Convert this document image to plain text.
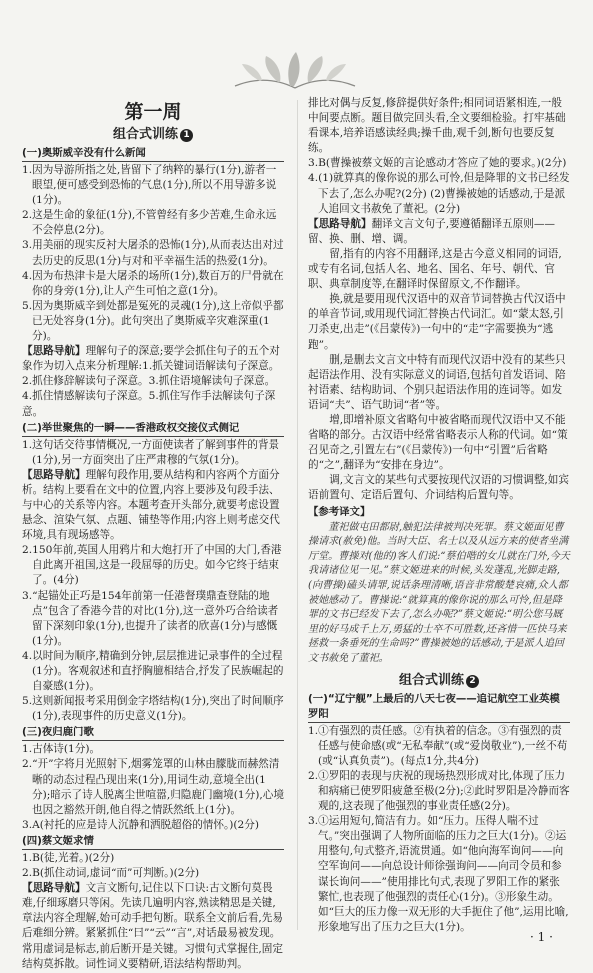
第一周
组合式训练 1
(一)奥斯威辛没有什么新闻

1.因为导游所指之处,皆留下了纳粹的暴行(1分),游者一眼望,便可感受到恐怖的气息(1分),所以不用导游多说(1分)。

2.这是生命的象征(1分),不管曾经有多少苦难,生命永远不会停息(2分)。

3.用美丽的现实反衬大屠杀的恐怖(1分),从而表达出对过去历史的反思(1分)与对和平幸福生活的热爱(1分)。

4.因为布热津卡是大屠杀的场所(1分),数百万的尸骨就在你的身旁(1分),让人产生可怕之意(1分)。

5.因为奥斯威辛到处都是冤死的灵魂(1分),这上帝似乎都已无处容身(1分)。此句突出了奥斯威辛灾难深重(1分)。

【思路导航】理解句子的深意;要学会抓住句子的五个对象作为切入点来分析理解:1.抓关键词语解读句子深意。2.抓住修辞解读句子深意。3.抓住语境解读句子深意。4.抓住情感解读句子深意。5.抓住写作手法解读句子深意。

(二)举世聚焦的一瞬——香港政权交接仪式侧记

1.这句话交待事情概况,一方面使读者了解到事件的背景(1分),另一方面突出了庄严肃穆的气氛(1分)。

【思路导航】理解句段作用,要从结构和内容两个方面分析。结构上要看在文中的位置,内容上要涉及句段手法、与中心的关系等内容。本题考查开头部分,就要考虑设置悬念、渲染气氛、点题、铺垫等作用;内容上则考虑交代环境,具有现场感等。

2.150年前,英国人用鸦片和大炮打开了中国的大门,香港自此离开祖国,这是一段屈辱的历史。如今它终于结束了。(4分)

3.“起锚处正巧是154年前第一任港督璞鼎查登陆的地点”包含了香港今昔的对比(1分),这一意外巧合给读者留下深刻印象(1分),也提升了读者的欣喜(1分)与感慨(1分)。

4.以时间为顺序,精确到分钟,层层推进记录事件的全过程(1分)。客观叙述和直抒胸臆相结合,抒发了民族崛起的自豪感(1分)。

5.这则新闻报考采用倒金字塔结构(1分),突出了时间顺序(1分),表现事件的历史意义(1分)。

(三)夜归鹿门歌

1.古体诗(1分)。

2.“开”字将月光照射下,烟雾笼罩的山林由朦胧而赫然清晰的动态过程凸现出来(1分),用词生动,意境全出(1分);暗示了诗人脱离尘世喧嚣,归隐鹿门幽境(1分),心境也因之豁然开朗,他自得之情跃然纸上(1分)。

3.A(衬托的应是诗人沉静和洒脱超俗的情怀。)(2分)

(四)蔡文姬求情

1.B(徒,光着。)(2分)

2.B(抓住动词,虚词“而”可判断。)(2分)

【思路导航】文言文断句,记住以下口诀:古文断句莫畏难,仔细琢磨只等闲。先读几遍明内容,熟读精思是关键,章法内容全理解,始可动手把句断。联系全文前后看,先易后难细分辨。紧紧抓住“曰”“云”“言”,对话最易被发现。常用虚词是标志,前后断开是关键。习惯句式掌握住,固定结构莫拆散。词性词义要精研,语法结构帮助判。

排比对偶与反复,修辞提供好条件;相同词语紧相连,一般中间要点断。题目做完回头看,全文要细检验。打牢基础看课本,培养语感读经典;操千曲,观千剑,断句也要反复练。

3.B(曹操被蔡文姬的言论感动才答应了她的要求。)(2分)

4.(1)就算真的像你说的那么可怜,但是降罪的文书已经发下去了,怎么办呢?(2分) (2)曹操被她的话感动,于是派人追回文书赦免了董祀。(2分)

【思路导航】翻译文言文句子,要遵循翻译五原则——留、换、删、增、调。

留,指有的内容不用翻译,这是古今意义相同的词语,或专有名词,包括人名、地名、国名、年号、朝代、官职、典章制度等,在翻译时保留原文,不作翻译。

换,就是要用现代汉语中的双音节词替换古代汉语中的单音节词,或用现代词汇替换古代词汇。如“蒙太怒,引刀杀吏,出走”(《吕蒙传》)一句中的“走”字需要换为“逃跑”。

删,是删去文言文中特有而现代汉语中没有的某些只起语法作用、没有实际意义的词语,包括句首发语词、陪衬语素、结构助词、个别只起语法作用的连词等。如发语词“夫”、语气助词“者”等。

增,即增补原文省略句中被省略而现代汉语中又不能省略的部分。古汉语中经常省略表示人称的代词。如“策召见奇之,引置左右”(《吕蒙传》)一句中“引置”后省略的“之”,翻译为“安排在身边”。

调,文言文的某些句式要按现代汉语的习惯调整,如宾语前置句、定语后置句、介词结构后置句等。

【参考译文】

董祀做屯田都尉,触犯法律被判决死罪。蔡文姬面见曹操请求(赦免)他。当时大臣、名士以及从远方来的使者坐满厅堂。曹操对(他的)客人们说:“蔡伯喈的女儿就在门外,今天我请诸位见一见。”蔡文姬进来的时候,头发蓬乱,光脚走路,(向曹操)磕头请罪,说话条理清晰,语音非常酸楚哀痛,众人都被她感动了。曹操说:“就算真的像你说的那么可怜,但是降罪的文书已经发下去了,怎么办呢?”蔡文姬说:“明公您马厩里的好马成千上万,勇猛的士卒不可胜数,还吝惜一匹快马来拯救一条垂死的生命吗?”曹操被她的话感动,于是派人追回文书赦免了董祀。

组合式训练 2
(一)“辽宁舰”上最后的八天七夜——追记航空工业英模罗阳

1.①有强烈的责任感。②有执着的信念。③有强烈的责任感与使命感(或“无私奉献”(或“爱岗敬业”),一丝不苟(或“认真负责”)。(每点1分,共4分)

2.①罗阳的表现与庆祝的现场热烈形成对比,体现了压力和病痛已使罗阳疲惫至极(2分);②此时罗阳是冷静而客观的,这表现了他强烈的事业责任感(2分)。

3.①运用短句,简洁有力。如“压力。压得人喘不过气。”突出强调了人物所面临的压力之巨大(1分)。②运用整句,句式整齐,语流贯通。如“他向海军询问——向空军询问——向总设计师徐强询问——向司令员和参谋长询问——”使用排比句式,表现了罗阳工作的紧张繁忙,也表现了他强烈的责任心(1分)。③形象生动。如“巨大的压力像一双无形的大手扼住了他”,运用比喻,形象地写出了压力之巨大(1分)。

· 1 ·
